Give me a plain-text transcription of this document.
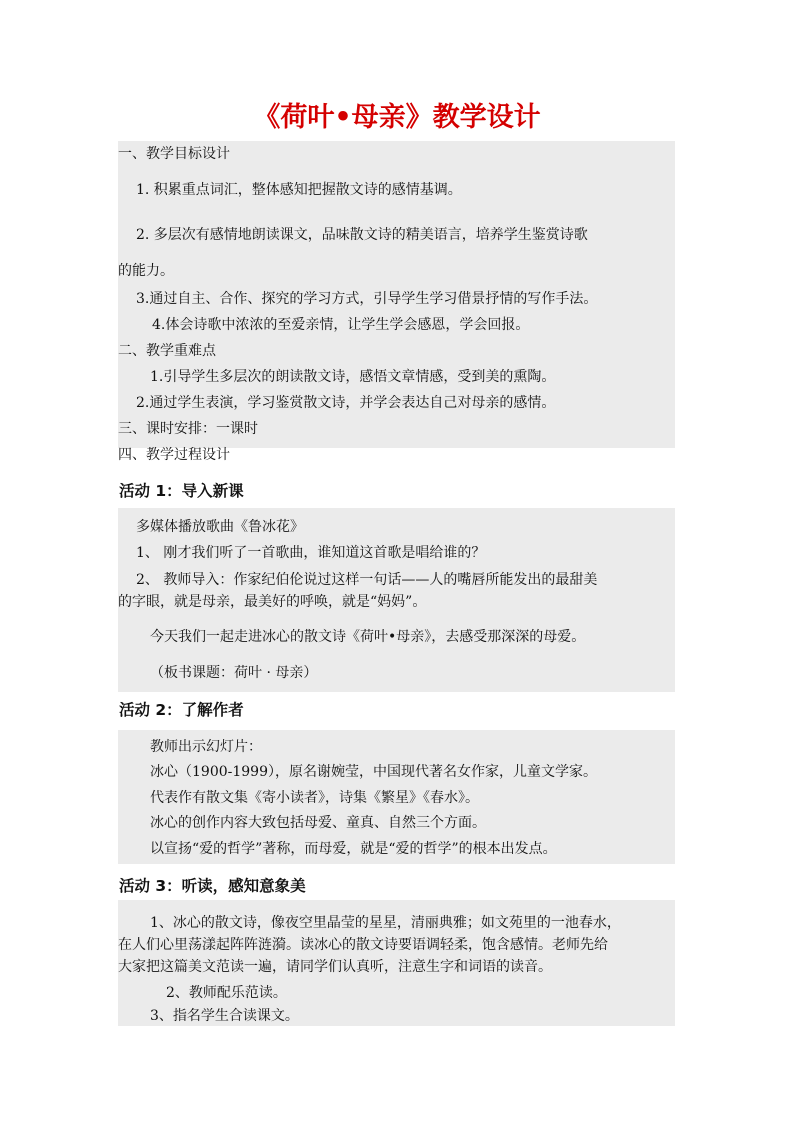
《荷叶•母亲》教学设计
一、教学目标设计
1. 积累重点词汇，整体感知把握散文诗的感情基调。
2. 多层次有感情地朗读课文，品味散文诗的精美语言，培养学生鉴赏诗歌
的能力。
3.通过自主、合作、探究的学习方式，引导学生学习借景抒情的写作手法。
4.体会诗歌中浓浓的至爱亲情，让学生学会感恩，学会回报。
二、教学重难点
1.引导学生多层次的朗读散文诗，感悟文章情感，受到美的熏陶。
2.通过学生表演，学习鉴赏散文诗，并学会表达自己对母亲的感情。
三、课时安排：一课时
四、教学过程设计
活动 1：导入新课
多媒体播放歌曲《鲁冰花》
1、 刚才我们听了一首歌曲，谁知道这首歌是唱给谁的？
2、 教师导入：作家纪伯伦说过这样一句话——人的嘴唇所能发出的最甜美
的字眼，就是母亲，最美好的呼唤，就是“妈妈”。
今天我们一起走进冰心的散文诗《荷叶•母亲》，去感受那深深的母爱。
（板书课题：荷叶 · 母亲）
活动 2：了解作者
教师出示幻灯片：
冰心（1900-1999），原名谢婉莹，中国现代著名女作家，儿童文学家。
代表作有散文集《寄小读者》，诗集《繁星》《春水》。
冰心的创作内容大致包括母爱、童真、自然三个方面。
以宣扬“爱的哲学”著称，而母爱，就是“爱的哲学”的根本出发点。
活动 3：听读，感知意象美
1、冰心的散文诗，像夜空里晶莹的星星，清丽典雅；如文苑里的一池春水，
在人们心里荡漾起阵阵涟漪。读冰心的散文诗要语调轻柔，饱含感情。老师先给
大家把这篇美文范读一遍，请同学们认真听，注意生字和词语的读音。
2、教师配乐范读。
3、指名学生合读课文。
